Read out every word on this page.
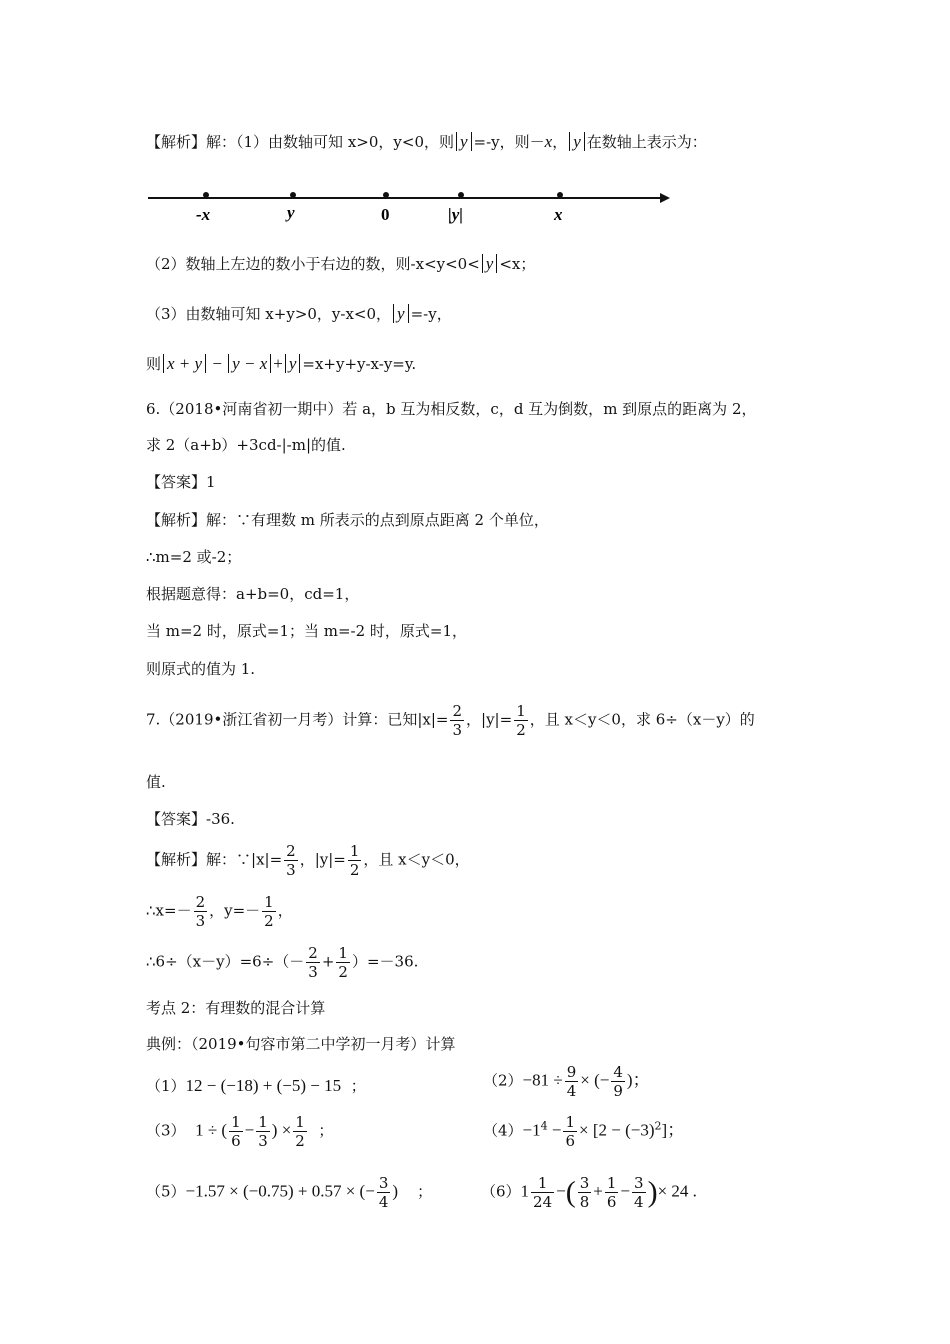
【解析】解：（1）由数轴可知 x>0，y<0，则 y =-y，则－x， y 在数轴上表示为：
-x	y	0	|y|	x
（2）数轴上左边的数小于右边的数，则-x<y<0< y <x；
（3）由数轴可知 x+y>0，y-x<0， y =-y，
则 x + y − y − x + y =x+y+y-x-y=y.
6.（2018•河南省初一期中）若 a，b 互为相反数，c，d 互为倒数，m 到原点的距离为 2，
求 2（a+b）+3cd-|-m|的值.
【答案】1
【解析】解：∵有理数 m 所表示的点到原点距离 2 个单位，
∴m=2 或-2；
根据题意得：a+b=0，cd=1，
当 m=2 时，原式=1；当 m=-2 时，原式=1，
则原式的值为 1.
7.（2019•浙江省初一月考）计算：已知$|x|= \frac{2}{3}$ ，$|y|= \frac{1}{2}$ ，且 x＜y＜0，求 6÷（x－y）的
值.
【答案】-36.
【解析】解：∵|x|= $\frac{2}{3}$ ，$|y|= \frac{1}{2}$ ，且 x＜y＜0，
∴x=－ $\frac{2}{3}$ ，$y=- \frac{1}{2}$ ，
∴6÷（x－y）=6÷（－ $\frac{2}{3} + \frac{1}{2} )=-36$.
考点 2：有理数的混合计算
典例：（2019•句容市第二中学初一月考）计算
（1）12 − (−18) + (−5) − 15 ；	$(2)-81 \div \frac{9}{4}$ × (− $\frac{4}{9}$ )；
（3） 1 ÷ ( $\frac{1}{6} - \frac{1}{3}$ ) × $\frac{1}{2}$ ；	$(4)-1^4 - \frac{1}{6} \times [2 - (-3)^2]$；
（5）−1.57 × (−0.75) + 0.57 × (− $\frac{3}{4}$ ) ；	$(6)1 \frac{1}{24}$ −( $\frac{3}{8} + \frac{1}{6} - \frac{3}{4}$ )× 24 .
